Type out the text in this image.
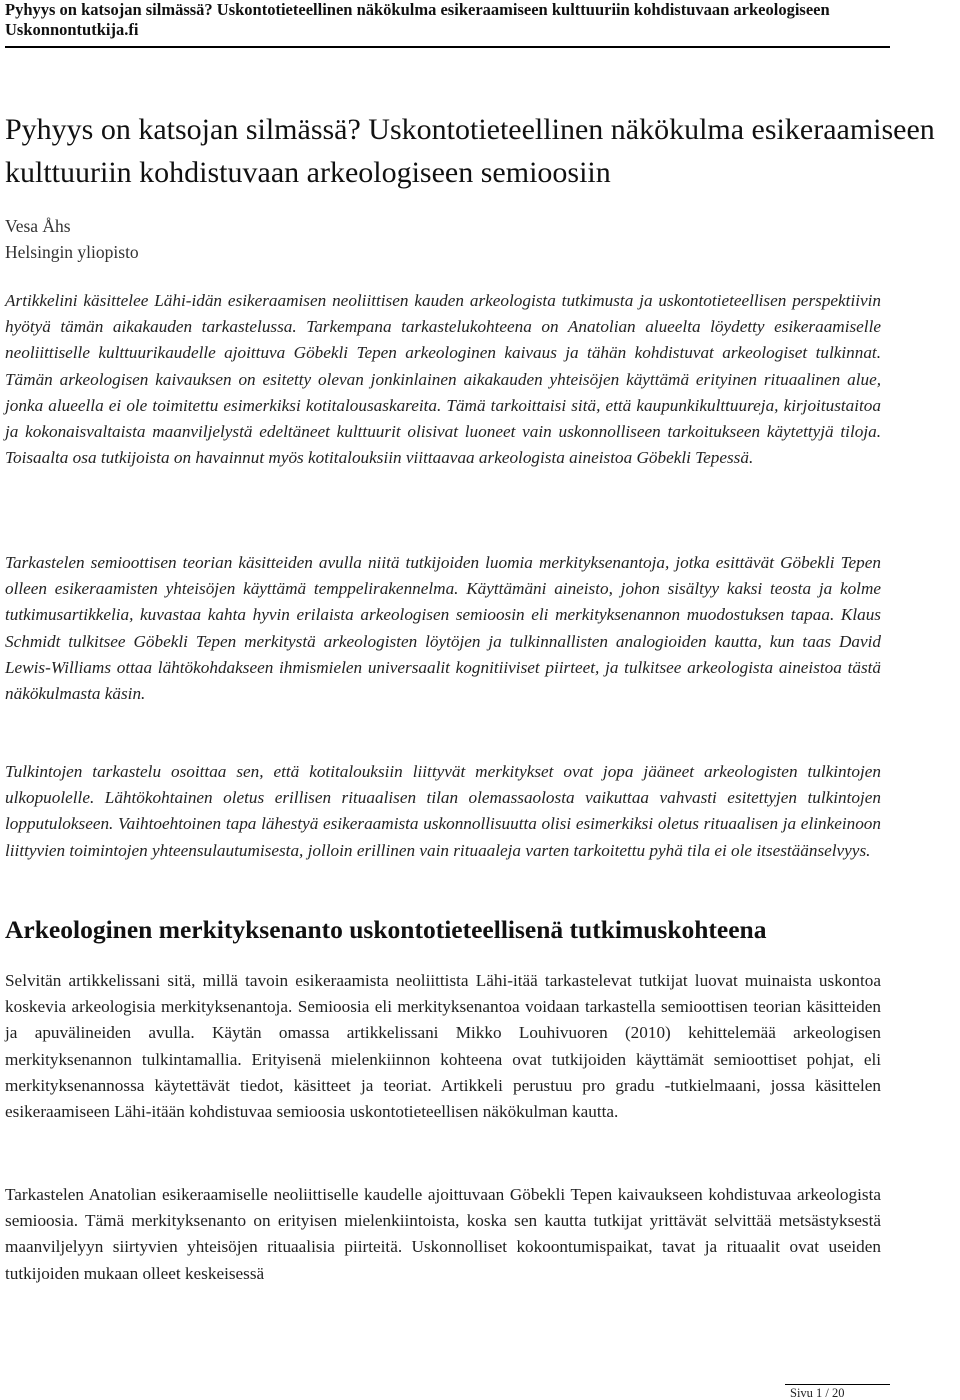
Pyhyys on katsojan silmässä? Uskontotieteellinen näkökulma esikeraamiseen kulttuuriin kohdistuvaan arkeologiseen
Uskonnontutkija.fi
Pyhyys on katsojan silmässä? Uskontotieteellinen näkökulma esikeraamiseen kulttuuriin kohdistuvaan arkeologiseen semioosiin
Vesa Åhs
Helsingin yliopisto

Artikkelini käsittelee Lähi-idän esikeraamisen neoliittisen kauden arkeologista tutkimusta ja uskontotieteellisen perspektiivin hyötyä tämän aikakauden tarkastelussa. Tarkempana tarkastelukohteena on Anatolian alueelta löydetty esikeraamiselle neoliittiselle kulttuurikaudelle ajoittuva Göbekli Tepen arkeologinen kaivaus ja tähän kohdistuvat arkeologiset tulkinnat. Tämän arkeologisen kaivauksen on esitetty olevan jonkinlainen aikakauden yhteisöjen käyttämä erityinen rituaalinen alue, jonka alueella ei ole toimitettu esimerkiksi kotitalousaskareita. Tämä tarkoittaisi sitä, että kaupunkikulttuureja, kirjoitustaitoa ja kokonaisvaltaista maanviljelystä edeltäneet kulttuurit olisivat luoneet vain uskonnolliseen tarkoitukseen käytettyjä tiloja. Toisaalta osa tutkijoista on havainnut myös kotitalouksiin viittaavaa arkeologista aineistoa Göbekli Tepessä.

Tarkastelen semioottisen teorian käsitteiden avulla niitä tutkijoiden luomia merkityksenantoja, jotka esittävät Göbekli Tepen olleen esikeraamisten yhteisöjen käyttämä temppelirakennelma. Käyttämäni aineisto, johon sisältyy kaksi teosta ja kolme tutkimusartikkelia, kuvastaa kahta hyvin erilaista arkeologisen semioosin eli merkityksenannon muodostuksen tapaa. Klaus Schmidt tulkitsee Göbekli Tepen merkitystä arkeologisten löytöjen ja tulkinnallisten analogioiden kautta, kun taas David Lewis-Williams ottaa lähtökohdakseen ihmismielen universaalit kognitiiviset piirteet, ja tulkitsee arkeologista aineistoa tästä näkökulmasta käsin.

Tulkintojen tarkastelu osoittaa sen, että kotitalouksiin liittyvät merkitykset ovat jopa jääneet arkeologisten tulkintojen ulkopuolelle. Lähtökohtainen oletus erillisen rituaalisen tilan olemassaolosta vaikuttaa vahvasti esitettyjen tulkintojen lopputulokseen. Vaihtoehtoinen tapa lähestyä esikeraamista uskonnollisuutta olisi esimerkiksi oletus rituaalisen ja elinkeinoon liittyvien toimintojen yhteensulautumisesta, jolloin erillinen vain rituaaleja varten tarkoitettu pyhä tila ei ole itsestäänselvyys.

Arkeologinen merkityksenanto uskontotieteellisenä tutkimuskohteena

Selvitän artikkelissani sitä, millä tavoin esikeraamista neoliittista Lähi-itää tarkastelevat tutkijat luovat muinaista uskontoa koskevia arkeologisia merkityksenantoja. Semioosia eli merkityksenantoa voidaan tarkastella semioottisen teorian käsitteiden ja apuvälineiden avulla. Käytän omassa artikkelissani Mikko Louhivuoren (2010) kehittelemää arkeologisen merkityksenannon tulkintamallia. Erityisenä mielenkiinnon kohteena ovat tutkijoiden käyttämät semioottiset pohjat, eli merkityksenannossa käytettävät tiedot, käsitteet ja teoriat. Artikkeli perustuu pro gradu -tutkielmaani, jossa käsittelen esikeraamiseen Lähi-itään kohdistuvaa semioosia uskontotieteellisen näkökulman kautta.

Tarkastelen Anatolian esikeraamiselle neoliittiselle kaudelle ajoittuvaan Göbekli Tepen kaivaukseen kohdistuvaa arkeologista semioosia. Tämä merkityksenanto on erityisen mielenkiintoista, koska sen kautta tutkijat yrittävät selvittää metsästyksestä maanviljelyyn siirtyvien yhteisöjen rituaalisia piirteitä. Uskonnolliset kokoontumispaikat, tavat ja rituaalit ovat useiden tutkijoiden mukaan olleet keskeisessä

Sivu 1 / 20
